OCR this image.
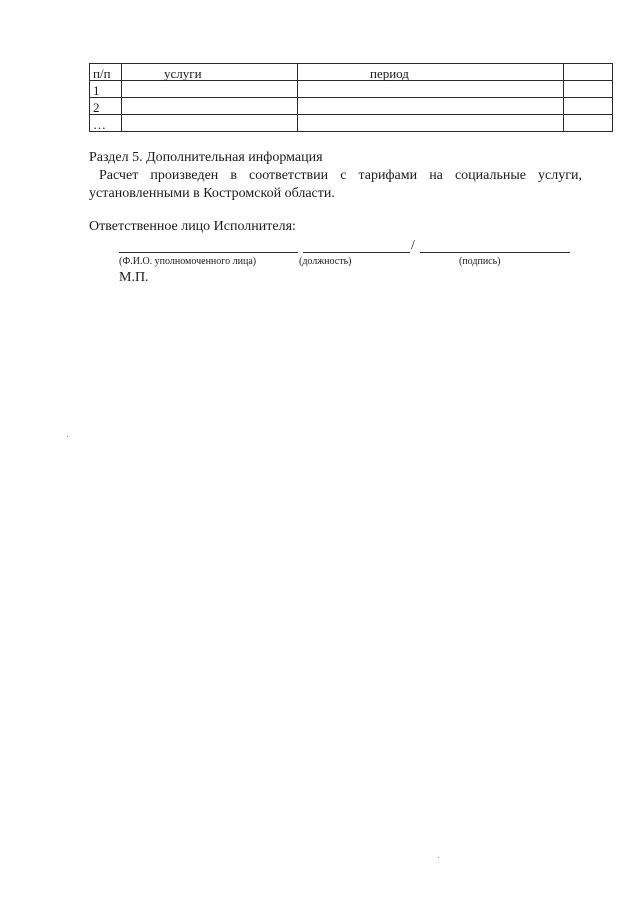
п/п	услуги	период	
1			
2			
…			
Раздел 5. Дополнительная информация
Расчет произведен в соответствии с тарифами на социальные услуги,
установленными в Костромской области.
Ответственное лицо Исполнителя:
/
(Ф.И.О. уполномоченного лица)	(должность)	(подпись)
М.П.
